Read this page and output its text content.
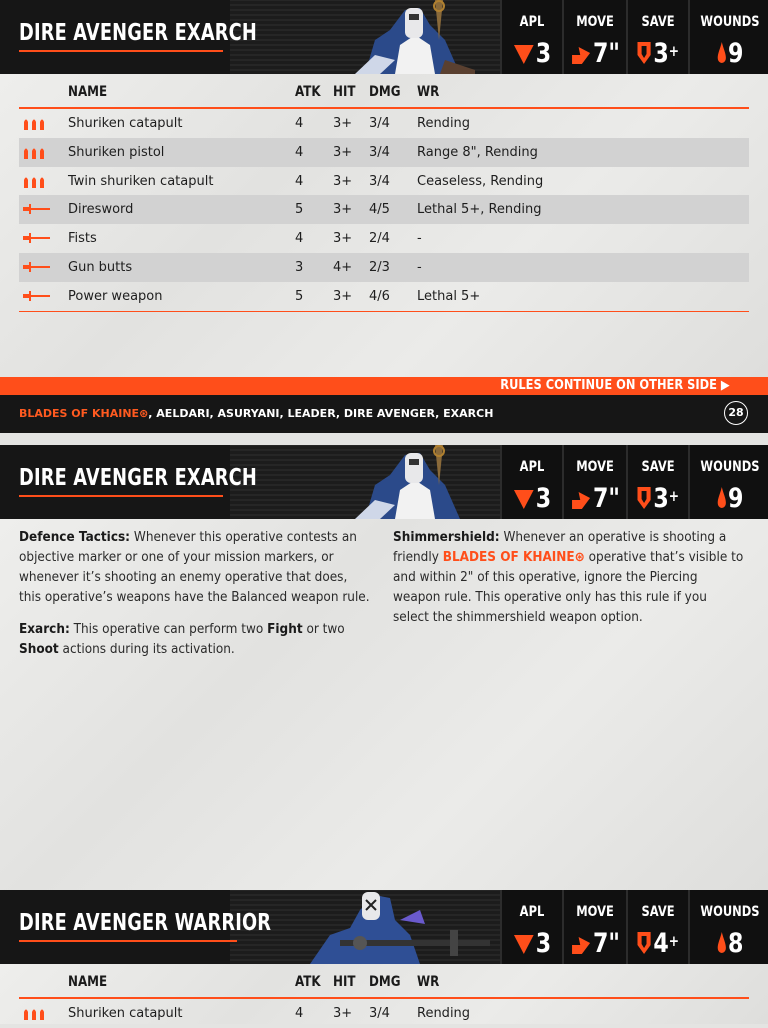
DIRE AVENGER EXARCH	APL
3
MOVE
7"
SAVE
3+
WOUNDS
9
NAME	ATK HIT DMG WR
Shuriken catapult	4 3+ 3/4 Rending
Shuriken pistol	4 3+ 3/4 Range 8", Rending
Twin shuriken catapult	4 3+ 3/4 Ceaseless, Rending
Diresword	5 3+ 4/5 Lethal 5+, Rending
Fists	4 3+ 2/4 -
Gun butts	3 4+ 2/3 -
Power weapon	5 3+ 4/6 Lethal 5+
RULES CONTINUE ON OTHER SIDE ▶
BLADES OF KHAINE⊛, AELDARI, ASURYANI, LEADER, DIRE AVENGER, EXARCH	28
DIRE AVENGER EXARCH	APL
3
MOVE
7"
SAVE
3+
WOUNDS
9

Defence Tactics: Whenever this operative contests an objective marker or one of your mission markers, or whenever it’s shooting an enemy operative that does, this operative’s weapons have the Balanced weapon rule.

Exarch: This operative can perform two Fight or two Shoot actions during its activation.

Shimmershield: Whenever an operative is shooting a friendly BLADES OF KHAINE⊛ operative that’s visible to and within 2" of this operative, ignore the Piercing weapon rule. This operative only has this rule if you select the shimmershield weapon option.

DIRE AVENGER WARRIOR	APL
3
MOVE
7"
SAVE
4+
WOUNDS
8
NAME	ATK HIT DMG WR
Shuriken catapult	4 3+ 3/4 Rending
